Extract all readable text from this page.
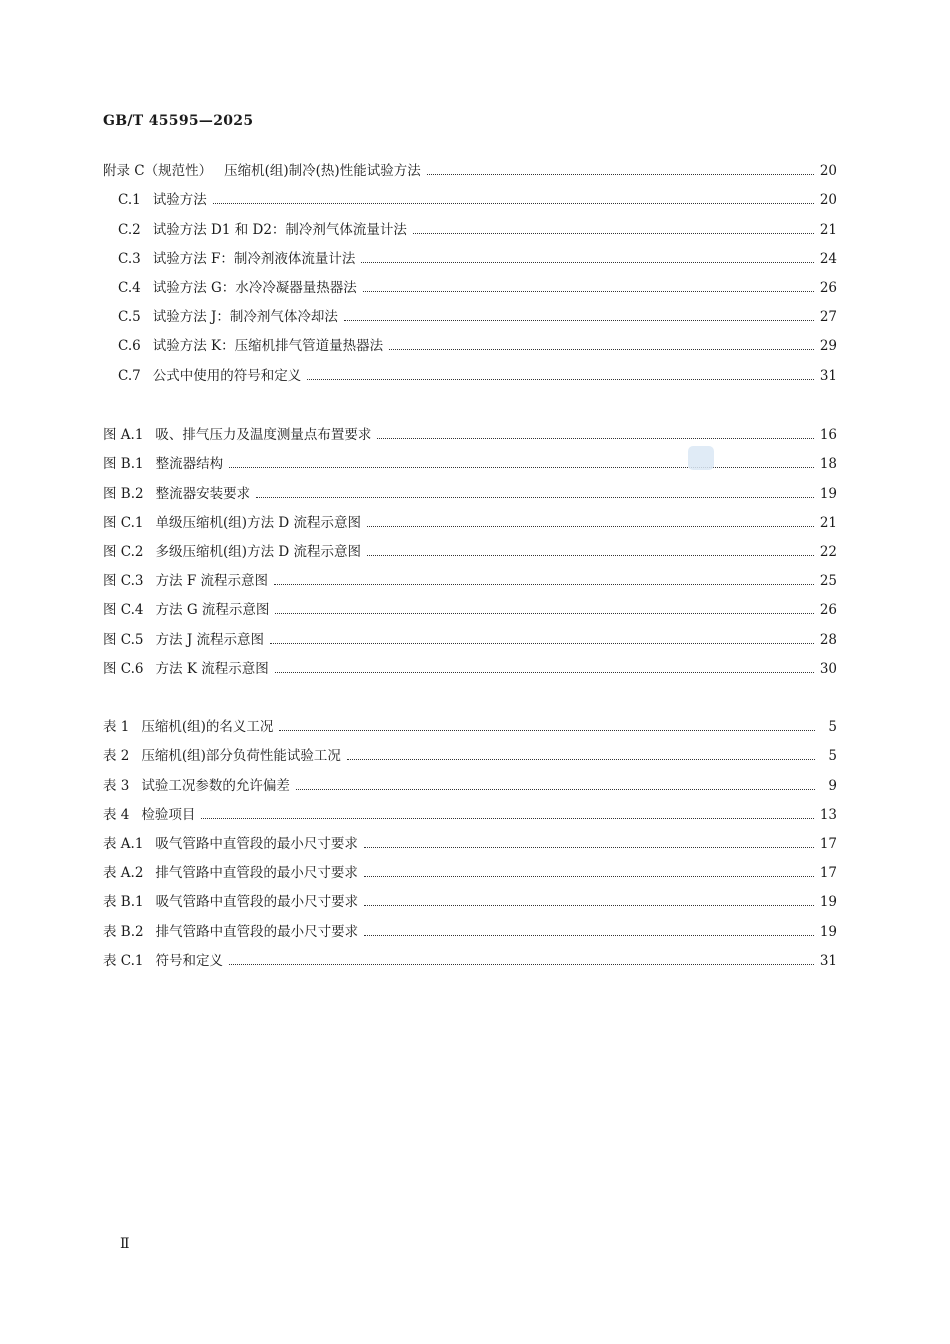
GB/T 45595—2025
附录 C（规范性） 压缩机(组)制冷(热)性能试验方法	20
C.1 试验方法	20
C.2 试验方法 D1 和 D2：制冷剂气体流量计法	21
C.3 试验方法 F：制冷剂液体流量计法	24
C.4 试验方法 G：水冷冷凝器量热器法	26
C.5 试验方法 J：制冷剂气体冷却法	27
C.6 试验方法 K：压缩机排气管道量热器法	29
C.7 公式中使用的符号和定义	31
图 A.1 吸、排气压力及温度测量点布置要求	16
图 B.1 整流器结构	18
图 B.2 整流器安装要求	19
图 C.1 单级压缩机(组)方法 D 流程示意图	21
图 C.2 多级压缩机(组)方法 D 流程示意图	22
图 C.3 方法 F 流程示意图	25
图 C.4 方法 G 流程示意图	26
图 C.5 方法 J 流程示意图	28
图 C.6 方法 K 流程示意图	30
表 1 压缩机(组)的名义工况	5
表 2 压缩机(组)部分负荷性能试验工况	5
表 3 试验工况参数的允许偏差	9
表 4 检验项目	13
表 A.1 吸气管路中直管段的最小尺寸要求	17
表 A.2 排气管路中直管段的最小尺寸要求	17
表 B.1 吸气管路中直管段的最小尺寸要求	19
表 B.2 排气管路中直管段的最小尺寸要求	19
表 C.1 符号和定义	31
Ⅱ
